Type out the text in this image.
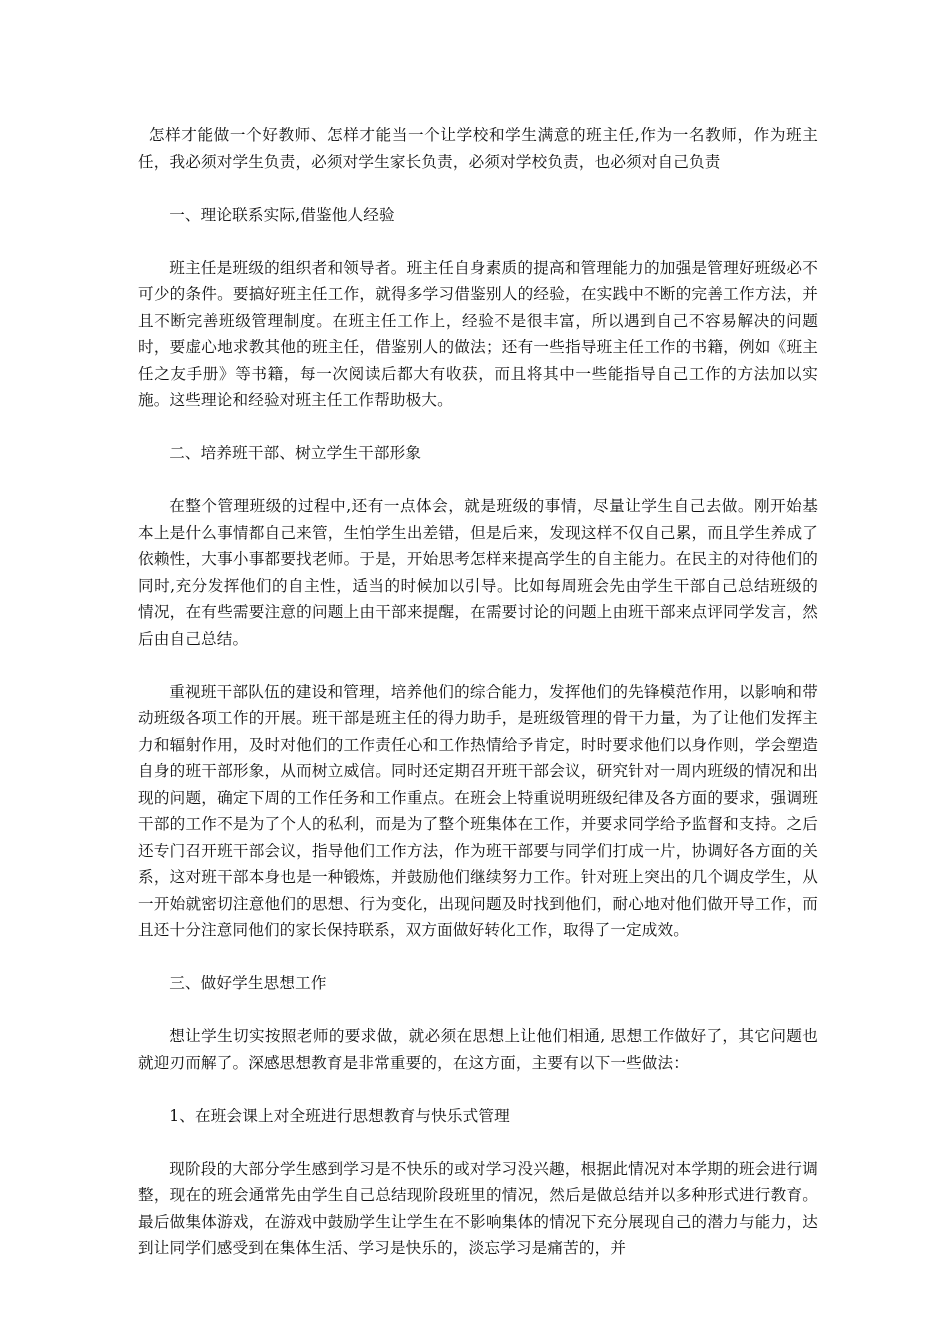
怎样才能做一个好教师、怎样才能当一个让学校和学生满意的班主任,作为一名教师，作为班主任，我必须对学生负责，必须对学生家长负责，必须对学校负责，也必须对自己负责

一、理论联系实际,借鉴他人经验

班主任是班级的组织者和领导者。班主任自身素质的提高和管理能力的加强是管理好班级必不可少的条件。要搞好班主任工作，就得多学习借鉴别人的经验，在实践中不断的完善工作方法，并且不断完善班级管理制度。在班主任工作上，经验不是很丰富，所以遇到自己不容易解决的问题时，要虚心地求教其他的班主任，借鉴别人的做法；还有一些指导班主任工作的书籍，例如《班主任之友手册》等书籍，每一次阅读后都大有收获，而且将其中一些能指导自己工作的方法加以实施。这些理论和经验对班主任工作帮助极大。

二、培养班干部、树立学生干部形象

在整个管理班级的过程中,还有一点体会，就是班级的事情，尽量让学生自己去做。刚开始基本上是什么事情都自己来管，生怕学生出差错，但是后来，发现这样不仅自己累，而且学生养成了依赖性，大事小事都要找老师。于是，开始思考怎样来提高学生的自主能力。在民主的对待他们的同时,充分发挥他们的自主性，适当的时候加以引导。比如每周班会先由学生干部自己总结班级的情况，在有些需要注意的问题上由干部来提醒，在需要讨论的问题上由班干部来点评同学发言，然后由自己总结。

重视班干部队伍的建设和管理，培养他们的综合能力，发挥他们的先锋模范作用，以影响和带动班级各项工作的开展。班干部是班主任的得力助手，是班级管理的骨干力量，为了让他们发挥主力和辐射作用，及时对他们的工作责任心和工作热情给予肯定，时时要求他们以身作则，学会塑造自身的班干部形象，从而树立威信。同时还定期召开班干部会议，研究针对一周内班级的情况和出现的问题，确定下周的工作任务和工作重点。在班会上特重说明班级纪律及各方面的要求，强调班干部的工作不是为了个人的私利，而是为了整个班集体在工作，并要求同学给予监督和支持。之后还专门召开班干部会议，指导他们工作方法，作为班干部要与同学们打成一片，协调好各方面的关系，这对班干部本身也是一种锻炼，并鼓励他们继续努力工作。针对班上突出的几个调皮学生，从一开始就密切注意他们的思想、行为变化，出现问题及时找到他们，耐心地对他们做开导工作，而且还十分注意同他们的家长保持联系，双方面做好转化工作，取得了一定成效。

三、做好学生思想工作

想让学生切实按照老师的要求做，就必须在思想上让他们相通, 思想工作做好了，其它问题也就迎刃而解了。深感思想教育是非常重要的，在这方面，主要有以下一些做法：

1、在班会课上对全班进行思想教育与快乐式管理

现阶段的大部分学生感到学习是不快乐的或对学习没兴趣，根据此情况对本学期的班会进行调整，现在的班会通常先由学生自己总结现阶段班里的情况，然后是做总结并以多种形式进行教育。最后做集体游戏，在游戏中鼓励学生让学生在不影响集体的情况下充分展现自己的潜力与能力，达到让同学们感受到在集体生活、学习是快乐的，淡忘学习是痛苦的，并
